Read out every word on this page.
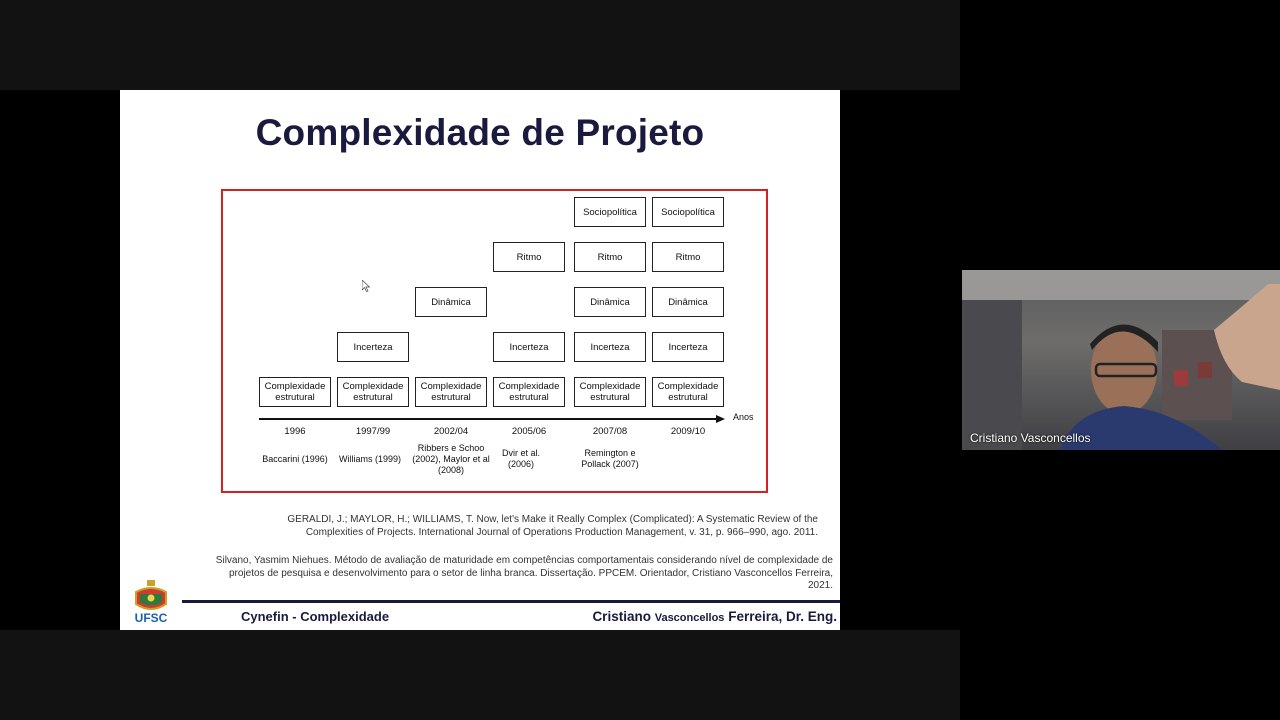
Complexidade de Projeto
Complexidade estrutural
1996
Baccarini (1996)
Complexidade estrutural
Incerteza
1997/99
Williams (1999)
Complexidade estrutural
Dinâmica
2002/04
Ribbers e Schoo (2002), Maylor et al (2008)
Complexidade estrutural
Incerteza
Ritmo
2005/06
Dvir et al. (2006)
Complexidade estrutural
Incerteza
Dinâmica
Ritmo
Sociopolítica
2007/08
Remington e Pollack (2007)
Complexidade estrutural
Incerteza
Dinâmica
Ritmo
Sociopolítica
2009/10
Anos
GERALDI, J.; MAYLOR, H.; WILLIAMS, T. Now, let's Make it Really Complex (Complicated): A Systematic Review of the Complexities of Projects. International Journal of Operations Production Management, v. 31, p. 966–990, ago. 2011.
Silvano, Yasmim Niehues. Método de avaliação de maturidade em competências comportamentais considerando nível de complexidade de projetos de pesquisa e desenvolvimento para o setor de linha branca. Dissertação. PPCEM. Orientador, Cristiano Vasconcellos Ferreira, 2021.
UFSC	Cynefin - Complexidade	Cristiano Vasconcellos Ferreira, Dr. Eng.
Cristiano Vasconcellos
